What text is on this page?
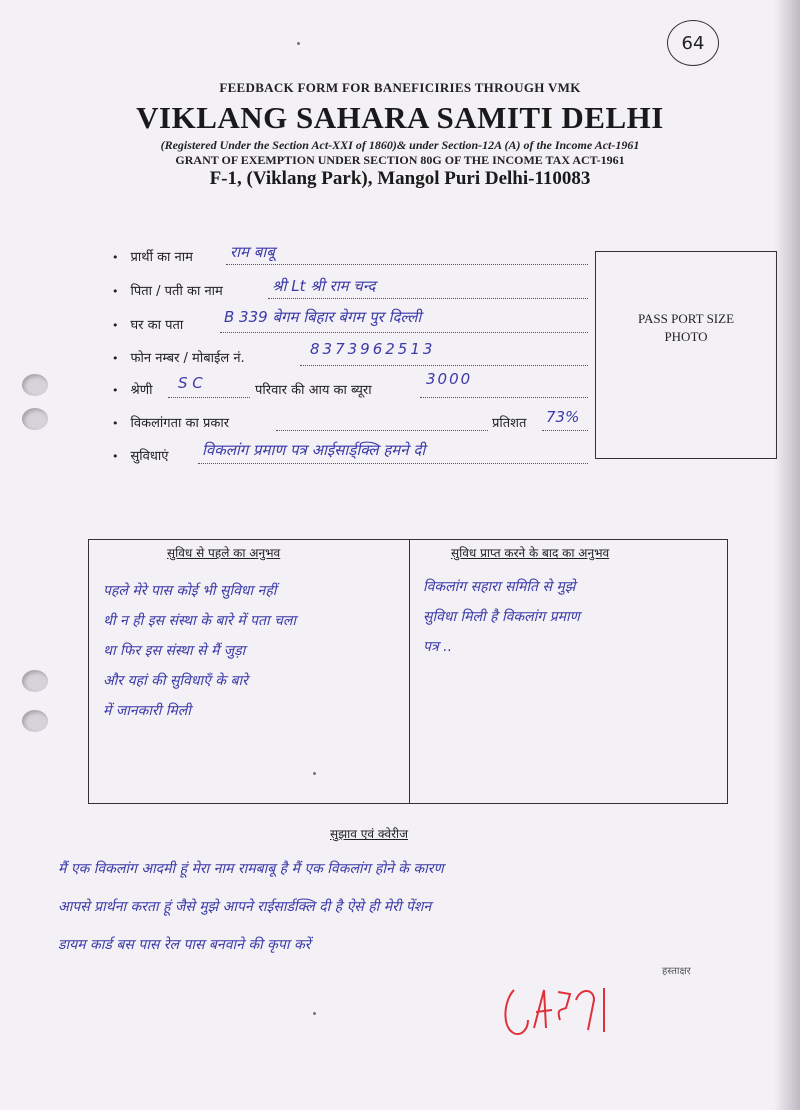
64
FEEDBACK FORM FOR BANEFICIRIES THROUGH VMK
VIKLANG SAHARA SAMITI DELHI
(Registered Under the Section Act-XXI of 1860)& under Section-12A (A) of the Income Act-1961
GRANT OF EXEMPTION UNDER SECTION 80G OF THE INCOME TAX ACT-1961
F-1, (Viklang Park), Mangol Puri Delhi-110083
• प्रार्थी का नाम राम बाबू
• पिता / पती का नाम	श्री Lt श्री राम चन्द
• घर का पता	B 339 बेगम बिहार बेगम पुर दिल्ली
• फोन नम्बर / मोबाईल नं.
8373962513
• श्रेणी S C	परिवार की आय का ब्यूरा
3000
• विकलांगता का प्रकार	प्रतिशत 73%
• सुविधाएं विकलांग प्रमाण पत्र आईसार्ड्क्लि हमने दी
PASS PORT SIZE
PHOTO
सुविध से पहले का अनुभव	सुविध प्राप्त करने के बाद का अनुभव
पहले मेरे पास कोई भी सुविधा नहीं
थी न ही इस संस्था के बारे में पता चला
था फिर इस संस्था से मैं जुड़ा
और यहां की सुविधाएँ के बारे
में जानकारी मिली
विकलांग सहारा समिति से मुझे
सुविधा मिली है विकलांग प्रमाण
पत्र ..
सुझाव एवं क्वेरीज
मैं एक विकलांग आदमी हूं मेरा नाम रामबाबू है मैं एक विकलांग होने के कारण
आपसे प्रार्थना करता हूं जैसे मुझे आपने राईसार्डक्लि दी है ऐसे ही मेरी पेंशन
डायम कार्ड बस पास रेल पास बनवाने की कृपा करें
हस्ताक्षर
